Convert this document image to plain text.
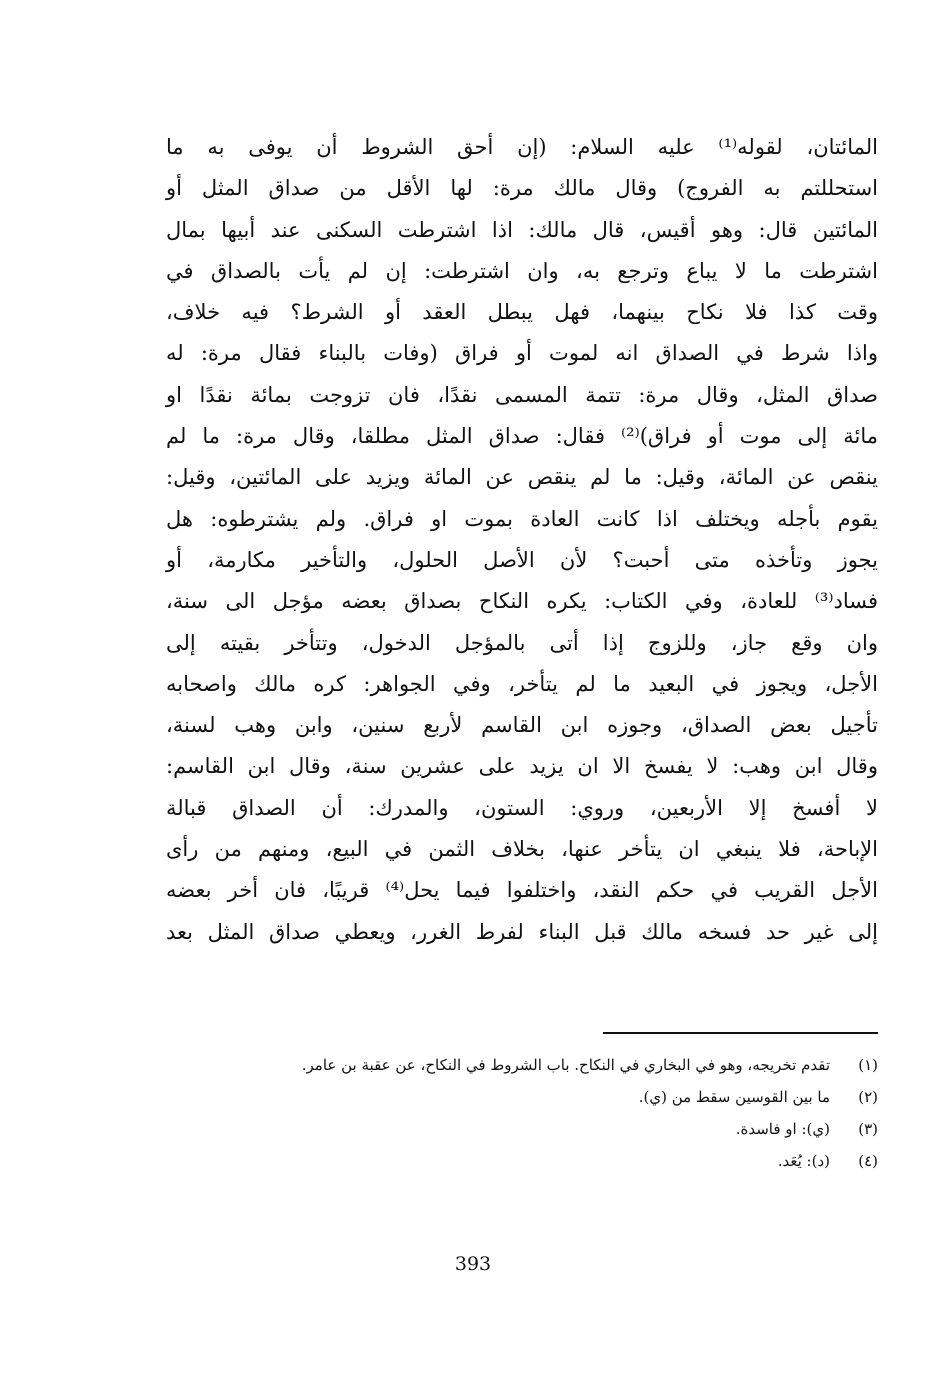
المائتان، لقوله⁽¹⁾ عليه السلام: (إن أحق الشروط أن يوفى به ما
استحللتم به الفروج) وقال مالك مرة: لها الأقل من صداق المثل أو
المائتين قال: وهو أقيس، قال مالك: اذا اشترطت السكنى عند أبيها بمال
اشترطت ما لا يباع وترجع به، وان اشترطت: إن لم يأت بالصداق في
وقت كذا فلا نكاح بينهما، فهل يبطل العقد أو الشرط؟ فيه خلاف،
واذا شرط في الصداق انه لموت أو فراق (وفات بالبناء فقال مرة: له
صداق المثل، وقال مرة: تتمة المسمى نقدًا، فان تزوجت بمائة نقدًا او
مائة إلى موت أو فراق)⁽²⁾ فقال: صداق المثل مطلقا، وقال مرة: ما لم
ينقص عن المائة، وقيل: ما لم ينقص عن المائة ويزيد على المائتين، وقيل:
يقوم بأجله ويختلف اذا كانت العادة بموت او فراق. ولم يشترطوه: هل
يجوز وتأخذه متى أحبت؟ لأن الأصل الحلول، والتأخير مكارمة، أو
فساد⁽³⁾ للعادة، وفي الكتاب: يكره النكاح بصداق بعضه مؤجل الى سنة،
وان وقع جاز، وللزوج إذا أتى بالمؤجل الدخول، وتتأخر بقيته إلى
الأجل، ويجوز في البعيد ما لم يتأخر، وفي الجواهر: كره مالك واصحابه
تأجيل بعض الصداق، وجوزه ابن القاسم لأربع سنين، وابن وهب لسنة،
وقال ابن وهب: لا يفسخ الا ان يزيد على عشرين سنة، وقال ابن القاسم:
لا أفسخ إلا الأربعين، وروي: الستون، والمدرك: أن الصداق قبالة
الإباحة، فلا ينبغي ان يتأخر عنها، بخلاف الثمن في البيع، ومنهم من رأى
الأجل القريب في حكم النقد، واختلفوا فيما يحل⁽⁴⁾ قريبًا، فان أخر بعضه
إلى غير حد فسخه مالك قبل البناء لفرط الغرر، ويعطي صداق المثل بعد
(١)
تقدم تخريجه، وهو في البخاري في النكاح. باب الشروط في النكاح، عن عقبة بن عامر.
(٢)
ما بين القوسين سقط من (ي).
(٣)
(ي): او فاسدة.
(٤)
(د): يُعَد.
393
